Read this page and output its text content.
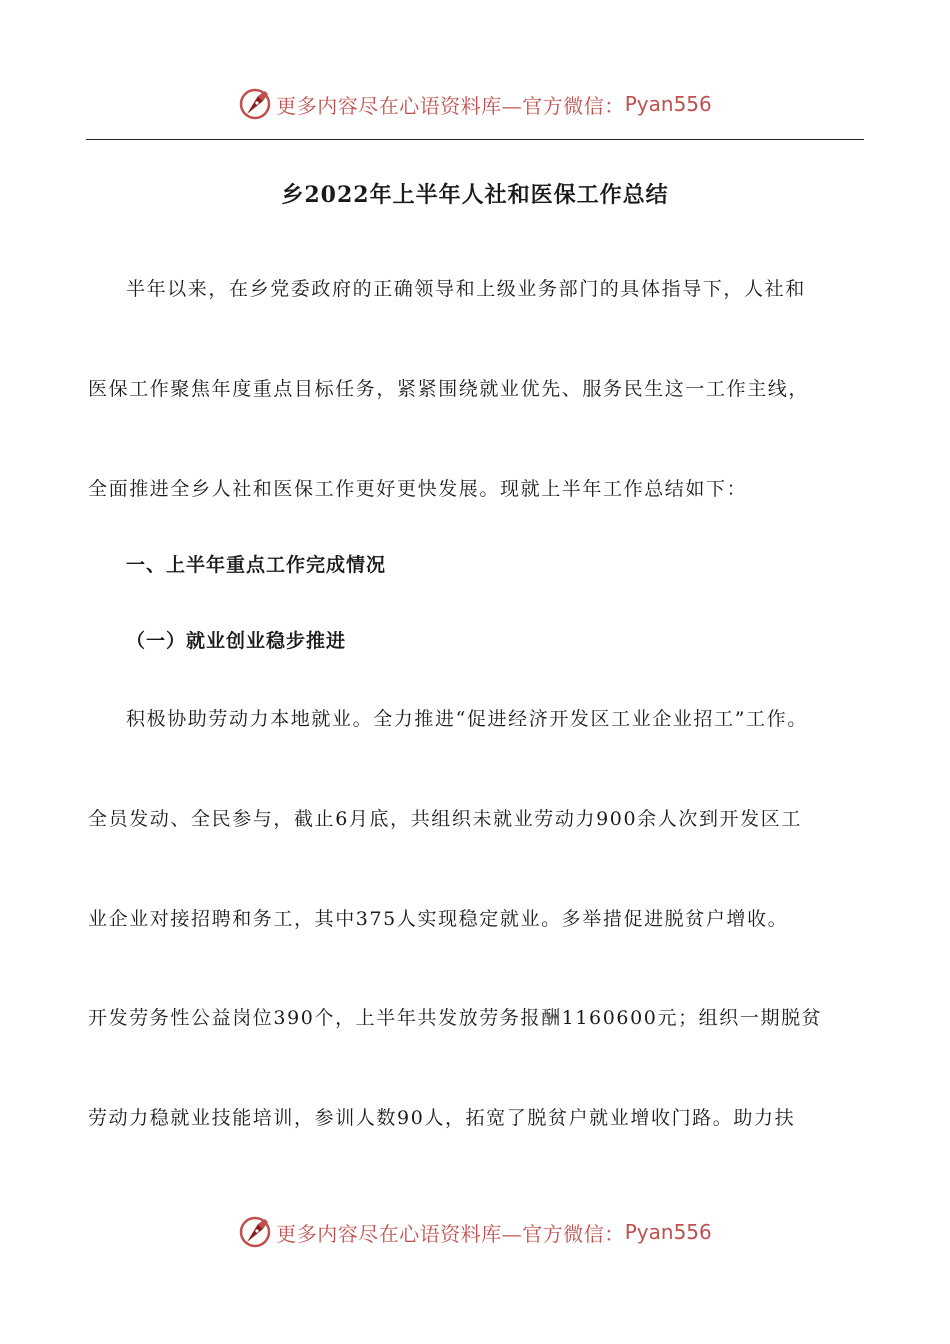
更多内容尽在心语资料库—官方微信： Pyan556
乡2022年上半年人社和医保工作总结
半年以来，在乡党委政府的正确领导和上级业务部门的具体指导下，人社和
医保工作聚焦年度重点目标任务，紧紧围绕就业优先、服务民生这一工作主线，
全面推进全乡人社和医保工作更好更快发展。现就上半年工作总结如下：
一、上半年重点工作完成情况
（一）就业创业稳步推进
积极协助劳动力本地就业。全力推进“促进经济开发区工业企业招工”工作。
全员发动、全民参与，截止6月底，共组织未就业劳动力900余人次到开发区工
业企业对接招聘和务工，其中375人实现稳定就业。多举措促进脱贫户增收。
开发劳务性公益岗位390个，上半年共发放劳务报酬1160600元；组织一期脱贫
劳动力稳就业技能培训，参训人数90人，拓宽了脱贫户就业增收门路。助力扶
更多内容尽在心语资料库—官方微信： Pyan556
